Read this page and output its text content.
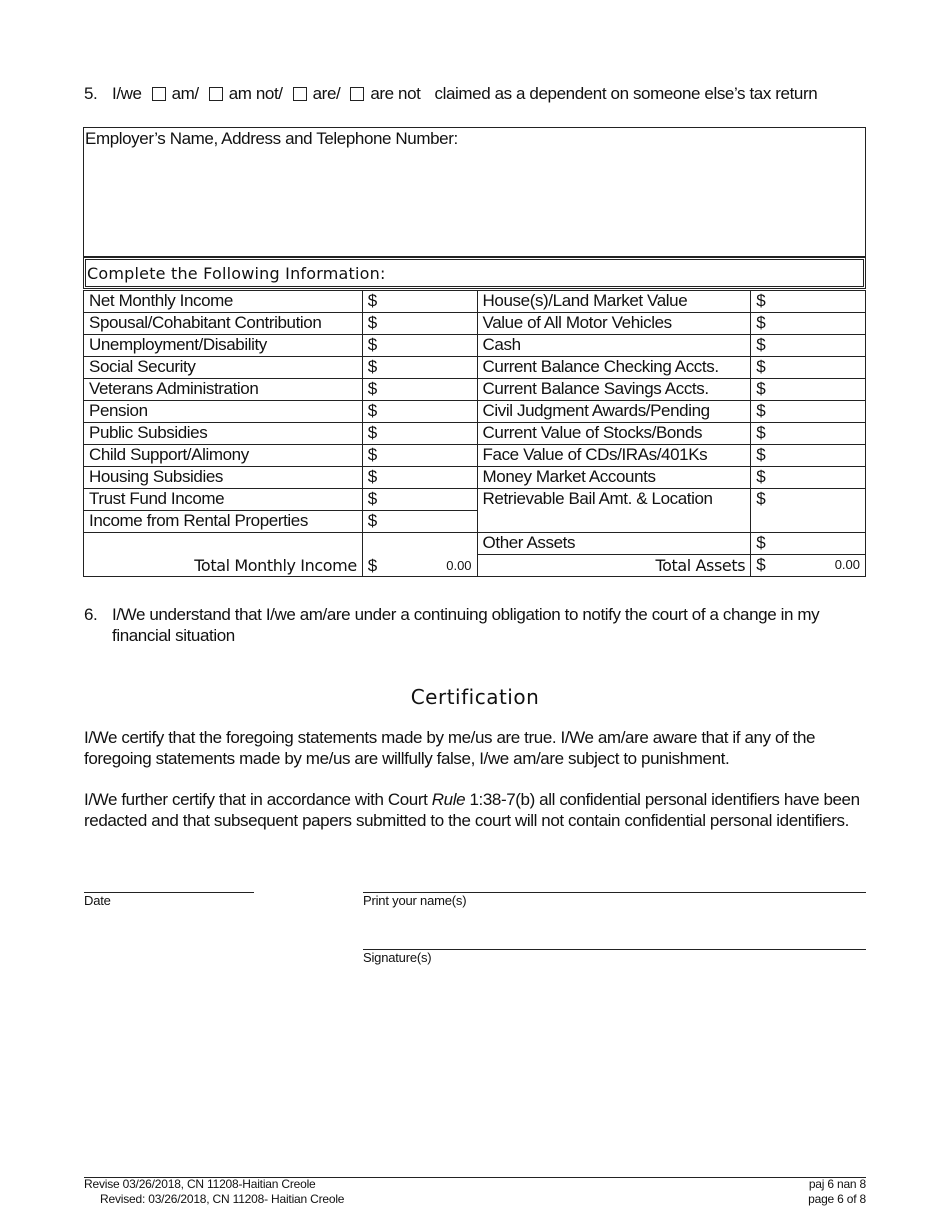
5. I/we am/ am not/ are/ are not claimed as a dependent on someone else’s tax return
Employer’s Name, Address and Telephone Number:
Complete the Following Information:
Net Monthly Income	$	House(s)/Land Market Value	$

Spousal/Cohabitant Contribution	$	Value of All Motor Vehicles	$

Unemployment/Disability	$	Cash	$

Social Security	$	Current Balance Checking Accts.	$

Veterans Administration	$	Current Balance Savings Accts.	$

Pension	$	Civil Judgment Awards/Pending	$

Public Subsidies	$	Current Value of Stocks/Bonds	$

Child Support/Alimony	$	Face Value of CDs/IRAs/401Ks	$

Housing Subsidies	$	Money Market Accounts	$

Trust Fund Income	$	Retrievable Bail Amt. & Location	$

Income from Rental Properties	$		

Total Monthly Income	$ 0.00	Other Assets	$

		Total Assets	$ 0.00
6. I/We understand that I/we am/are under a continuing obligation to notify the court of a change in my financial situation
Certification
I/We certify that the foregoing statements made by me/us are true. I/We am/are aware that if any of the foregoing statements made by me/us are willfully false, I/we am/are subject to punishment.
I/We further certify that in accordance with Court Rule 1:38-7(b) all confidential personal identifiers have been redacted and that subsequent papers submitted to the court will not contain confidential personal identifiers.
Date	Print your name(s)
Signature(s)
Revise 03/26/2018, CN 11208-Haitian Creole
Revised: 03/26/2018, CN 11208- Haitian Creole
paj 6 nan 8
page 6 of 8
